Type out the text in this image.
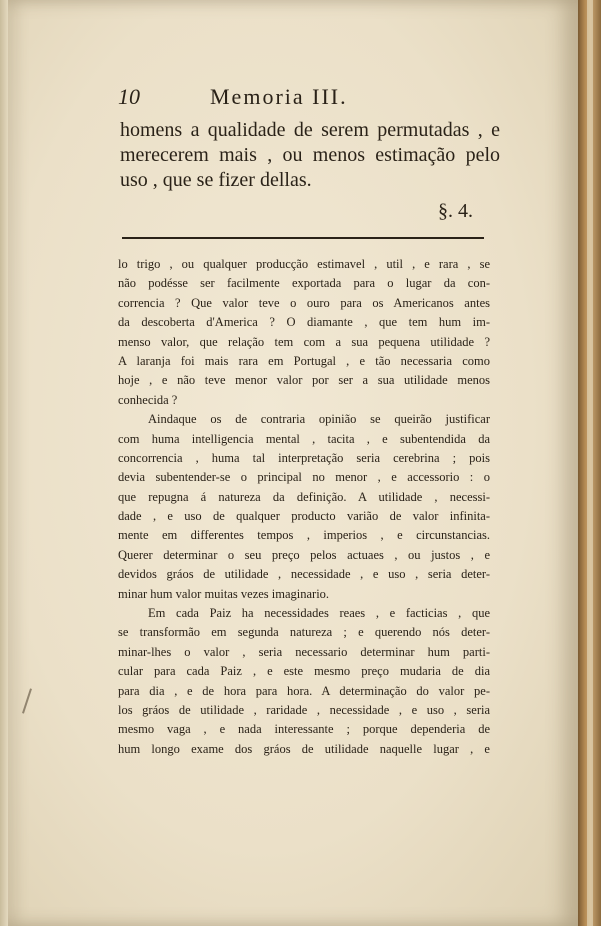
10	Memoria III.
homens a qualidade de serem permutadas , e
merecerem mais , ou menos estimação pelo
uso , que se fizer dellas.
§. 4.
lo trigo , ou qualquer producção estimavel , util , e rara , se
não podésse ser facilmente exportada para o lugar da con-
correncia ? Que valor teve o ouro para os Americanos antes
da descoberta d'America ? O diamante , que tem hum im-
menso valor, que relação tem com a sua pequena utilidade ?
A laranja foi mais rara em Portugal , e tão necessaria como
hoje , e não teve menor valor por ser a sua utilidade menos
conhecida ?
Aindaque os de contraria opinião se queirão justificar
com huma intelligencia mental , tacita , e subentendida da
concorrencia , huma tal interpretação seria cerebrina ; pois
devia subentender-se o principal no menor , e accessorio : o
que repugna á natureza da definição. A utilidade , necessi-
dade , e uso de qualquer producto varião de valor infinita-
mente em differentes tempos , imperios , e circunstancias.
Querer determinar o seu preço pelos actuaes , ou justos , e
devidos gráos de utilidade , necessidade , e uso , seria deter-
minar hum valor muitas vezes imaginario.
Em cada Paiz ha necessidades reaes , e facticias , que
se transformão em segunda natureza ; e querendo nós deter-
minar-lhes o valor , seria necessario determinar hum parti-
cular para cada Paiz , e este mesmo preço mudaria de dia
para dia , e de hora para hora. A determinação do valor pe-
los gráos de utilidade , raridade , necessidade , e uso , seria
mesmo vaga , e nada interessante ; porque dependeria de
hum longo exame dos gráos de utilidade naquelle lugar , e
